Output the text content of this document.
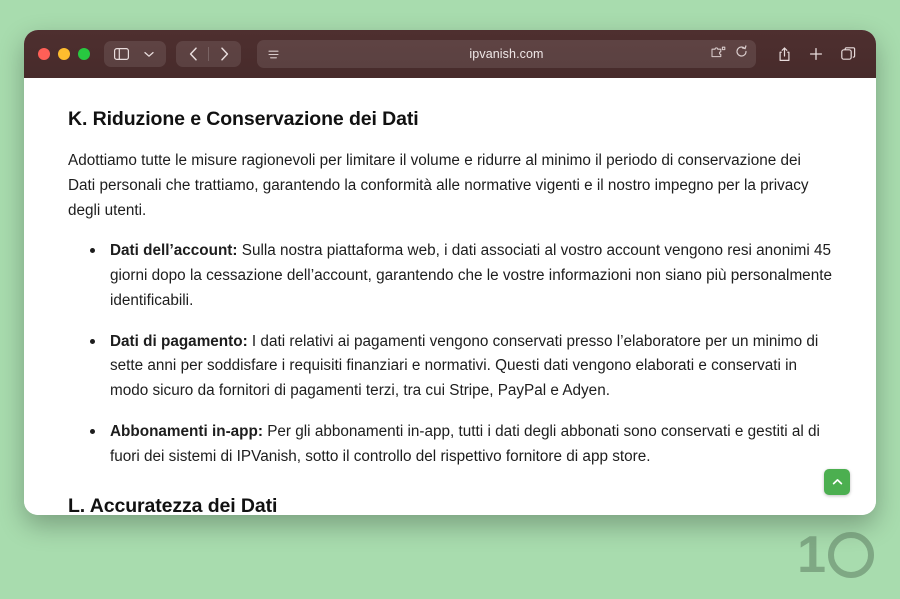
ipvanish.com
K. Riduzione e Conservazione dei Dati

Adottiamo tutte le misure ragionevoli per limitare il volume e ridurre al minimo il periodo di conservazione dei Dati personali che trattiamo, garantendo la conformità alle normative vigenti e il nostro impegno per la privacy degli utenti.

Dati dell’account: Sulla nostra piattaforma web, i dati associati al vostro account vengono resi anonimi 45 giorni dopo la cessazione dell’account, garantendo che le vostre informazioni non siano più personalmente identificabili.
Dati di pagamento: I dati relativi ai pagamenti vengono conservati presso l’elaboratore per un minimo di sette anni per soddisfare i requisiti finanziari e normativi. Questi dati vengono elaborati e conservati in modo sicuro da fornitori di pagamenti terzi, tra cui Stripe, PayPal e Adyen.
Abbonamenti in-app: Per gli abbonamenti in-app, tutti i dati degli abbonati sono conservati e gestiti al di fuori dei sistemi di IPVanish, sotto il controllo del rispettivo fornitore di app store.
L. Accuratezza dei Dati
1
